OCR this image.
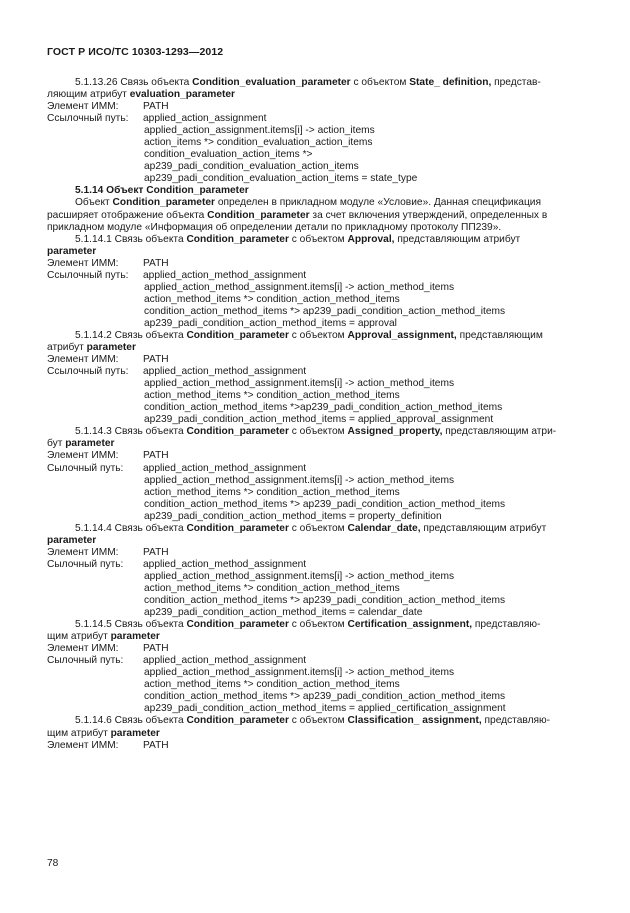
ГОСТ Р ИСО/ТС 10303-1293—2012
5.1.13.26 Связь объекта Condition_evaluation_parameter с объектом State_ definition, представ-
ляющим атрибут evaluation_parameter
Элемент ИММ: PATH
Ссылочный путь: applied_action_assignment
applied_action_assignment.items[i] -> action_items
action_items *> condition_evaluation_action_items
condition_evaluation_action_items *>
ap239_padi_condition_evaluation_action_items
ap239_padi_condition_evaluation_action_items = state_type
5.1.14 Объект Condition_parameter
Объект Condition_parameter определен в прикладном модуле «Условие». Данная спецификация
расширяет отображение объекта Condition_parameter за счет включения утверждений, определенных в
прикладном модуле «Информация об определении детали по прикладному протоколу ПП239».
5.1.14.1 Связь объекта Condition_parameter с объектом Approval, представляющим атрибут
parameter
Элемент ИММ: PATH
Ссылочный путь: applied_action_method_assignment
applied_action_method_assignment.items[i] -> action_method_items
action_method_items *> condition_action_method_items
condition_action_method_items *> ap239_padi_condition_action_method_items
ap239_padi_condition_action_method_items = approval
5.1.14.2 Связь объекта Condition_parameter с объектом Approval_assignment, представляющим
атрибут parameter
Элемент ИММ: PATH
Ссылочный путь: applied_action_method_assignment
applied_action_method_assignment.items[i] -> action_method_items
action_method_items *> condition_action_method_items
condition_action_method_items *>ap239_padi_condition_action_method_items
ap239_padi_condition_action_method_items = applied_approval_assignment
5.1.14.3 Связь объекта Condition_parameter с объектом Assigned_property, представляющим атри-
бут parameter
Элемент ИММ: PATH
Сылочный путь: applied_action_method_assignment
applied_action_method_assignment.items[i] -> action_method_items
action_method_items *> condition_action_method_items
condition_action_method_items *> ap239_padi_condition_action_method_items
ap239_padi_condition_action_method_items = property_definition
5.1.14.4 Связь объекта Condition_parameter с объектом Calendar_date, представляющим атрибут
parameter
Элемент ИММ: PATH
Сылочный путь: applied_action_method_assignment
applied_action_method_assignment.items[i] -> action_method_items
action_method_items *> condition_action_method_items
condition_action_method_items *> ap239_padi_condition_action_method_items
ap239_padi_condition_action_method_items = calendar_date
5.1.14.5 Связь объекта Condition_parameter с объектом Certification_assignment, представляю-
щим атрибут parameter
Элемент ИММ: PATH
Сылочный путь: applied_action_method_assignment
applied_action_method_assignment.items[i] -> action_method_items
action_method_items *> condition_action_method_items
condition_action_method_items *> ap239_padi_condition_action_method_items
ap239_padi_condition_action_method_items = applied_certification_assignment
5.1.14.6 Связь объекта Condition_parameter с объектом Classification_ assignment, представляю-
щим атрибут parameter
Элемент ИММ: PATH
78
